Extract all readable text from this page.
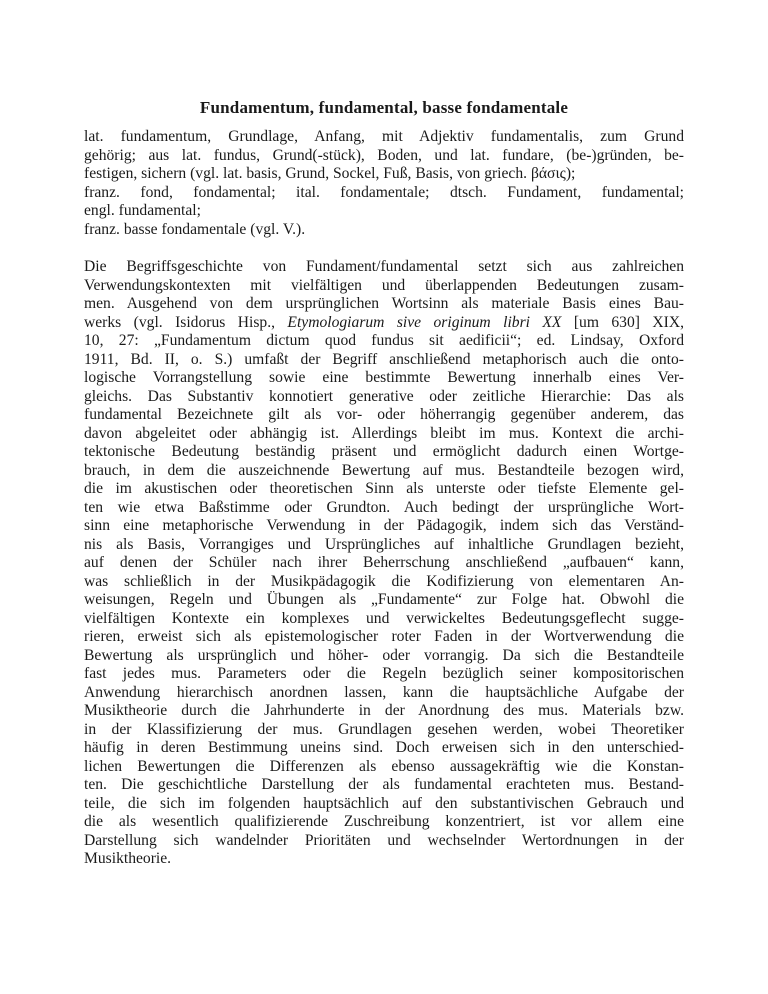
Fundamentum, fundamental, basse fondamentale
lat. fundamentum, Grundlage, Anfang, mit Adjektiv fundamentalis, zum Grund
gehörig; aus lat. fundus, Grund(-stück), Boden, und lat. fundare, (be-)gründen, be-
festigen, sichern (vgl. lat. basis, Grund, Sockel, Fuß, Basis, von griech. βάσις);
franz. fond, fondamental; ital. fondamentale; dtsch. Fundament, fundamental;
engl. fundamental;
franz. basse fondamentale (vgl. V.).
Die Begriffsgeschichte von Fundament/fundamental setzt sich aus zahlreichen
Verwendungskontexten mit vielfältigen und überlappenden Bedeutungen zusam-
men. Ausgehend von dem ursprünglichen Wortsinn als materiale Basis eines Bau-
werks (vgl. Isidorus Hisp., Etymologiarum sive originum libri XX [um 630] XIX,
10, 27: „Fundamentum dictum quod fundus sit aedificii“; ed. Lindsay, Oxford
1911, Bd. II, o. S.) umfaßt der Begriff anschließend metaphorisch auch die onto-
logische Vorrangstellung sowie eine bestimmte Bewertung innerhalb eines Ver-
gleichs. Das Substantiv konnotiert generative oder zeitliche Hierarchie: Das als
fundamental Bezeichnete gilt als vor- oder höherrangig gegenüber anderem, das
davon abgeleitet oder abhängig ist. Allerdings bleibt im mus. Kontext die archi-
tektonische Bedeutung beständig präsent und ermöglicht dadurch einen Wortge-
brauch, in dem die auszeichnende Bewertung auf mus. Bestandteile bezogen wird,
die im akustischen oder theoretischen Sinn als unterste oder tiefste Elemente gel-
ten wie etwa Baßstimme oder Grundton. Auch bedingt der ursprüngliche Wort-
sinn eine metaphorische Verwendung in der Pädagogik, indem sich das Verständ-
nis als Basis, Vorrangiges und Ursprüngliches auf inhaltliche Grundlagen bezieht,
auf denen der Schüler nach ihrer Beherrschung anschließend „aufbauen“ kann,
was schließlich in der Musikpädagogik die Kodifizierung von elementaren An-
weisungen, Regeln und Übungen als „Fundamente“ zur Folge hat. Obwohl die
vielfältigen Kontexte ein komplexes und verwickeltes Bedeutungsgeflecht sugge-
rieren, erweist sich als epistemologischer roter Faden in der Wortverwendung die
Bewertung als ursprünglich und höher- oder vorrangig. Da sich die Bestandteile
fast jedes mus. Parameters oder die Regeln bezüglich seiner kompositorischen
Anwendung hierarchisch anordnen lassen, kann die hauptsächliche Aufgabe der
Musiktheorie durch die Jahrhunderte in der Anordnung des mus. Materials bzw.
in der Klassifizierung der mus. Grundlagen gesehen werden, wobei Theoretiker
häufig in deren Bestimmung uneins sind. Doch erweisen sich in den unterschied-
lichen Bewertungen die Differenzen als ebenso aussagekräftig wie die Konstan-
ten. Die geschichtliche Darstellung der als fundamental erachteten mus. Bestand-
teile, die sich im folgenden hauptsächlich auf den substantivischen Gebrauch und
die als wesentlich qualifizierende Zuschreibung konzentriert, ist vor allem eine
Darstellung sich wandelnder Prioritäten und wechselnder Wertordnungen in der
Musiktheorie.
